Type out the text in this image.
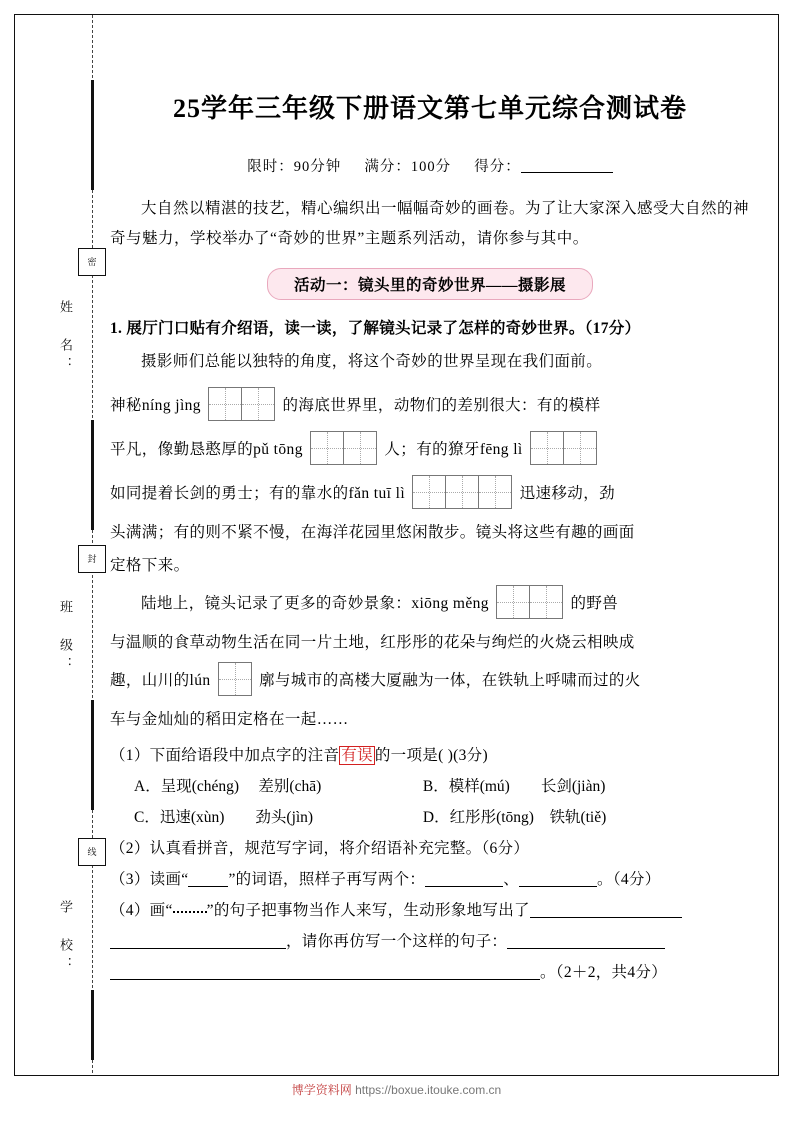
密
姓　名：
封
班　级：
线
学　校：
25学年三年级下册语文第七单元综合测试卷
限时：90分钟 满分：100分 得分：
大自然以精湛的技艺，精心编织出一幅幅奇妙的画卷。为了让大家深入感受大自然的神奇与魅力，学校举办了“奇妙的世界”主题系列活动，请你参与其中。
活动一：镜头里的奇妙世界——摄影展
1. 展厅门口贴有介绍语，读一读，了解镜头记录了怎样的奇妙世界。（17分）
摄影师们总能以独特的角度，将这个奇妙的世界呈现在我们面前。
神秘níng jìng
		的海底世界里，动物们的差别很大：有的模样
平凡，像勤恳憨厚的pǔ tōng
		人；有的獠牙fēng lì

如同提着长剑的勇士；有的靠水的fǎn tuī lì
			迅速移动，劲
头满满；有的则不紧不慢，在海洋花园里悠闲散步。镜头将这些有趣的画面
定格下来。
陆地上，镜头记录了更多的奇妙景象：xiōng měng
		的野兽
与温顺的食草动物生活在同一片土地，红彤彤的花朵与绚烂的火烧云相映成
趣，山川的lún	廓与城市的高楼大厦融为一体，在铁轨上呼啸而过的火
车与金灿灿的稻田定格在一起……
（1）下面给语段中加点字的注音 有误 的一项是( )(3分)
A．呈现(chéng)　 差别(chā)	B．模样(mú)　　长剑(jiàn)
C．迅速(xùn)　　劲头(jìn)	D．红彤彤(tōng)　铁轨(tiě)
（2）认真看拼音，规范写字词，将介绍语补充完整。（6分）
（3）读画“	”的词语，照样子再写两个：	、	。（4分）
（4）画“ ”的句子把事物当作人来写，生动形象地写出了
，请你再仿写一个这样的句子：
。（2＋2，共4分）
博学资料网 https://boxue.itouke.com.cn
